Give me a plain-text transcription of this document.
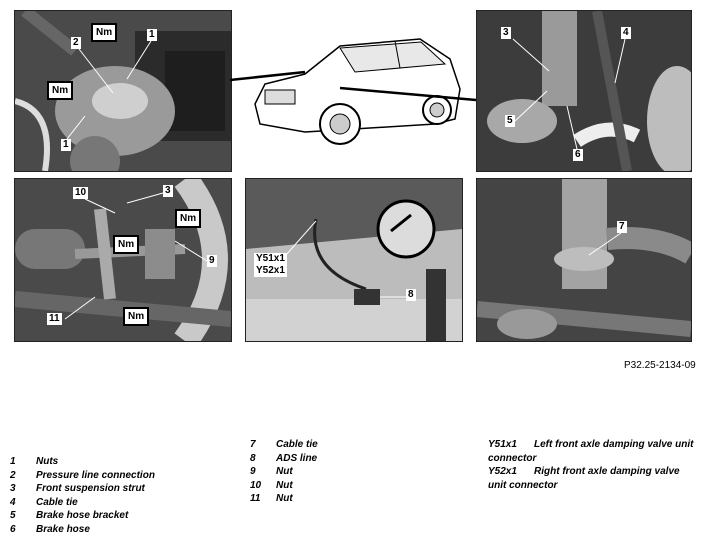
Nm	1
2
Nm
1
3	4
5
6
10	3
Nm
Nm
9
11	Nm
Y51x1
Y52x1
8
7
P32.25-2134-09
1 Nuts
2 Pressure line connection
3 Front suspension strut
4 Cable tie
5 Brake hose bracket
6 Brake hose
7 Cable tie
8 ADS line
9 Nut
10 Nut
11 Nut
Y51x1 Left front axle damping valve unit connector
Y52x1 Right front axle damping valve unit connector
